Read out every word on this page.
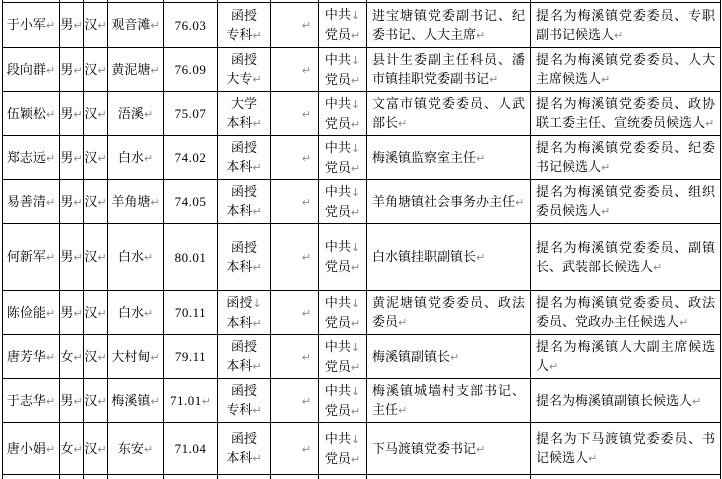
于小军↵	男↵	汉↵	观音滩↵	76.03	函授
专科↵	↵	中共↓
党员↵	进宝塘镇党委副书记、纪委书记、人大主席↵	提名为梅溪镇党委委员、专职副书记候选人↵
段向群↵	男↵	汉↵	黄泥塘↵	76.09	函授
大专↵	↵	中共↓
党员↵	县计生委副主任科员、潘市镇挂职党委副书记↵	提名为梅溪镇党委委员、人大主席候选人↵
伍颖松↵	男↵	汉↵	浯溪↵	75.07	大学
本科↵	↵	中共↓
党员↵	文富市镇党委委员、人武部长↵	提名为梅溪镇党委委员、政协联工委主任、宣统委员候选人↵
郑志远↵	男↵	汉↵	白水↵	74.02	函授
本科↵	↵	中共↓
党员↵	梅溪镇监察室主任↵	提名为梅溪镇党委委员、纪委书记候选人↵
易善清↵	男↵	汉↵	羊角塘↵	74.05	函授
本科↵	↵	中共↓
党员↵	羊角塘镇社会事务办主任↵	提名为梅溪镇党委委员、组织委员候选人↵
何新军↵	男↵	汉↵	白水↵	80.01	函授
本科↵	↵	中共↓
党员↵	白水镇挂职副镇长↵	提名为梅溪镇党委委员、副镇长、武装部长候选人↵
陈俭能↵	男↵	汉↵	白水↵	70.11	函授↓
本科↵	↵	中共↓
党员↵	黄泥塘镇党委委员、政法委员↵	提名为梅溪镇党委委员、政法委员、党政办主任候选人↵
唐芳华↵	女↵	汉↵	大村甸↵	79.11	函授
本科↵	↵	中共↓
党员↵	梅溪镇副镇长↵	提名为梅溪镇人大副主席候选人↵
于志华↵	男↵	汉↵	梅溪镇↵	71.01↵	函授
专科↵	↵	中共↓
党员↵	梅溪镇城墙村支部书记、主任↵	提名为梅溪镇副镇长候选人↵
唐小娟↵	女↵	汉↵	东安↵	71.04	函授
本科↵	↵	中共↓
党员↵	下马渡镇党委书记↵	提名为下马渡镇党委委员、书记候选人↵
